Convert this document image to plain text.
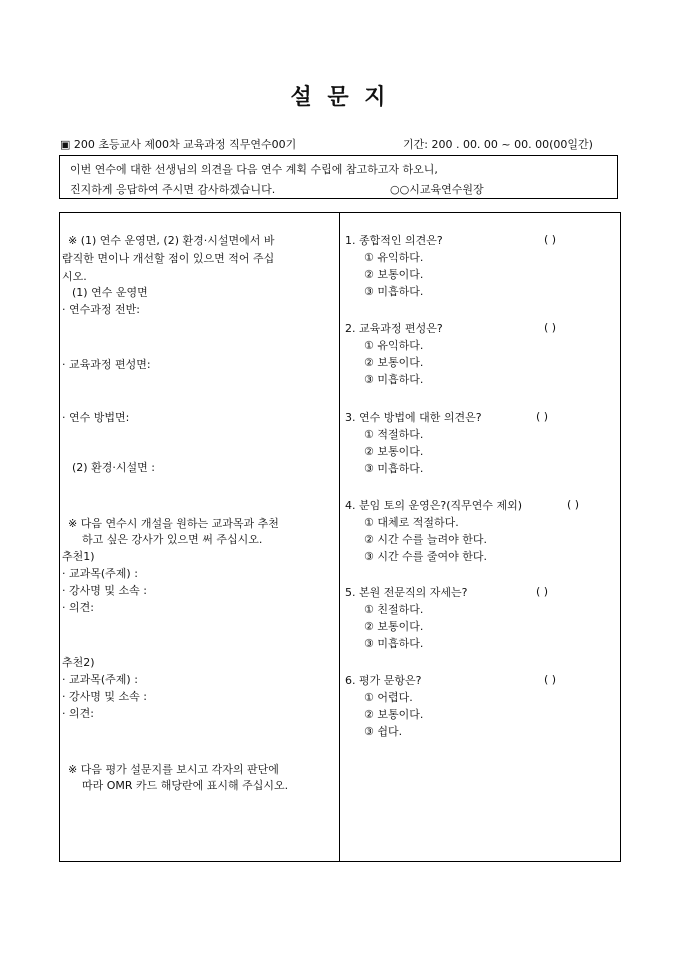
설 문 지
▣ 200 초등교사 제00차 교육과정 직무연수00기	기간: 200 . 00. 00 ~ 00. 00(00일간)
이번 연수에 대한 선생님의 의견을 다음 연수 계획 수립에 참고하고자 하오니,
진지하게 응답하여 주시면 감사하겠습니다.	○○시교육연수원장
※ (1) 연수 운영면, (2) 환경·시설면에서 바
람직한 면이나 개선할 점이 있으면 적어 주십
시오.
(1) 연수 운영면
· 연수과정 전반:
· 교육과정 편성면:
· 연수 방법면:
(2) 환경·시설면 :
※ 다음 연수시 개설을 원하는 교과목과 추천
하고 싶은 강사가 있으면 써 주십시오.
추천1)
· 교과목(주제) :
· 강사명 및 소속 :
· 의견:
추천2)
· 교과목(주제) :
· 강사명 및 소속 :
· 의견:
※ 다음 평가 설문지를 보시고 각자의 판단에
따라 OMR 카드 해당란에 표시해 주십시오.
1. 종합적인 의견은?	( )
① 유익하다.
② 보통이다.
③ 미흡하다.
2. 교육과정 편성은?	( )
① 유익하다.
② 보통이다.
③ 미흡하다.
3. 연수 방법에 대한 의견은?	( )
① 적절하다.
② 보통이다.
③ 미흡하다.
4. 분임 토의 운영은?(직무연수 제외)	( )
① 대체로 적절하다.
② 시간 수를 늘려야 한다.
③ 시간 수를 줄여야 한다.
5. 본원 전문직의 자세는?	( )
① 친절하다.
② 보통이다.
③ 미흡하다.
6. 평가 문항은?	( )
① 어렵다.
② 보통이다.
③ 쉽다.
